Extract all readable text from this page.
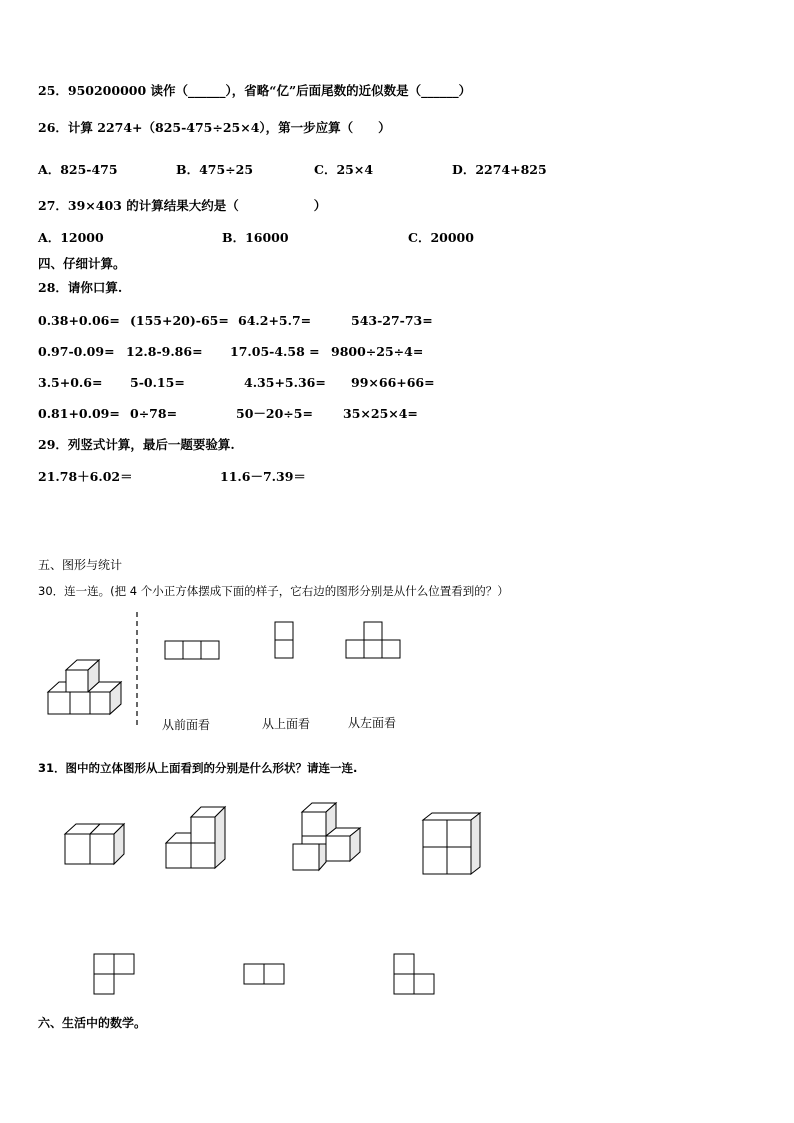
25．950200000 读作（______），省略“亿”后面尾数的近似数是（______）
26．计算 2274+（825-475÷25×4），第一步应算（　　）
A．825-475	B．475÷25	C．25×4	D．2274+825
27．39×403 的计算结果大约是（　　　　　　）
A．12000	B．16000	C．20000
四、仔细计算。
28．请你口算.
0.38+0.06= (155+20)-65= 64.2+5.7=	543-27-73=
0.97-0.09= 12.8-9.86= 17.05-4.58 = 9800÷25÷4=
3.5+0.6= 5-0.15=	4.35+5.36= 99×66+66=
0.81+0.09= 0÷78=	50－20÷5= 35×25×4=
29．列竖式计算，最后一题要验算.
21.78＋6.02＝	11.6－7.39＝
五、图形与统计
30．连一连。(把 4 个小正方体摆成下面的样子，它右边的图形分别是从什么位置看到的？）
从前面看	从上面看	从左面看
31．图中的立体图形从上面看到的分别是什么形状？请连一连.
六、生活中的数学。
